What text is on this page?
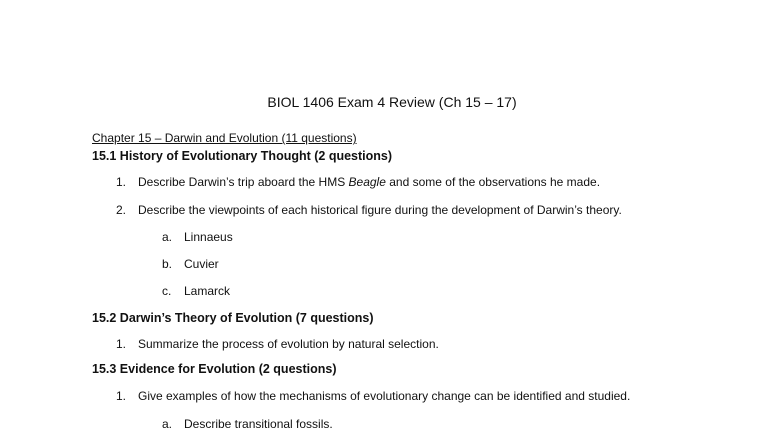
BIOL 1406 Exam 4 Review (Ch 15 – 17)
Chapter 15 – Darwin and Evolution (11 questions)
15.1 History of Evolutionary Thought (2 questions)
1. Describe Darwin’s trip aboard the HMS Beagle and some of the observations he made.
2. Describe the viewpoints of each historical figure during the development of Darwin’s theory.
a. Linnaeus
b. Cuvier
c. Lamarck
15.2 Darwin’s Theory of Evolution (7 questions)
1. Summarize the process of evolution by natural selection.
15.3 Evidence for Evolution (2 questions)
1. Give examples of how the mechanisms of evolutionary change can be identified and studied.
a. Describe transitional fossils.
